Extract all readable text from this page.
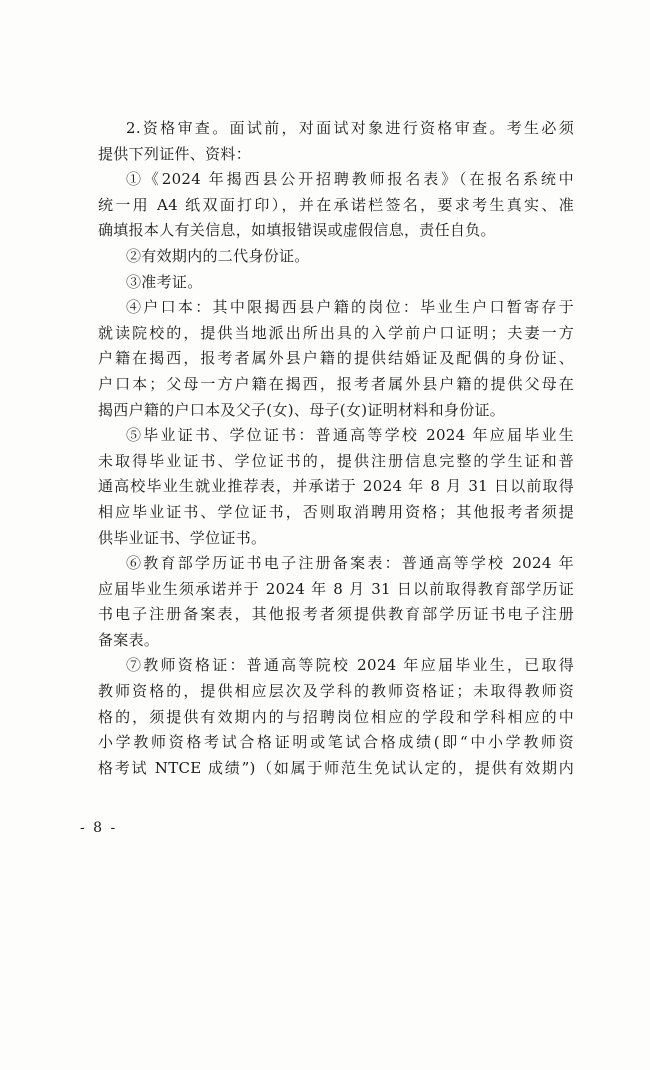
2.资格审查。面试前，对面试对象进行资格审查。考生必须
提供下列证件、资料：
①《2024 年揭西县公开招聘教师报名表》（在报名系统中
统一用 A4 纸双面打印），并在承诺栏签名，要求考生真实、准
确填报本人有关信息，如填报错误或虚假信息，责任自负。
②有效期内的二代身份证。
③准考证。
④户口本：其中限揭西县户籍的岗位：毕业生户口暂寄存于
就读院校的，提供当地派出所出具的入学前户口证明；夫妻一方
户籍在揭西，报考者属外县户籍的提供结婚证及配偶的身份证、
户口本；父母一方户籍在揭西，报考者属外县户籍的提供父母在
揭西户籍的户口本及父子(女)、母子(女)证明材料和身份证。
⑤毕业证书、学位证书：普通高等学校 2024 年应届毕业生
未取得毕业证书、学位证书的，提供注册信息完整的学生证和普
通高校毕业生就业推荐表，并承诺于 2024 年 8 月 31 日以前取得
相应毕业证书、学位证书，否则取消聘用资格；其他报考者须提
供毕业证书、学位证书。
⑥教育部学历证书电子注册备案表：普通高等学校 2024 年
应届毕业生须承诺并于 2024 年 8 月 31 日以前取得教育部学历证
书电子注册备案表，其他报考者须提供教育部学历证书电子注册
备案表。
⑦教师资格证：普通高等院校 2024 年应届毕业生，已取得
教师资格的，提供相应层次及学科的教师资格证；未取得教师资
格的，须提供有效期内的与招聘岗位相应的学段和学科相应的中
小学教师资格考试合格证明或笔试合格成绩(即“中小学教师资
格考试 NTCE 成绩”)（如属于师范生免试认定的，提供有效期内
- 8 -
